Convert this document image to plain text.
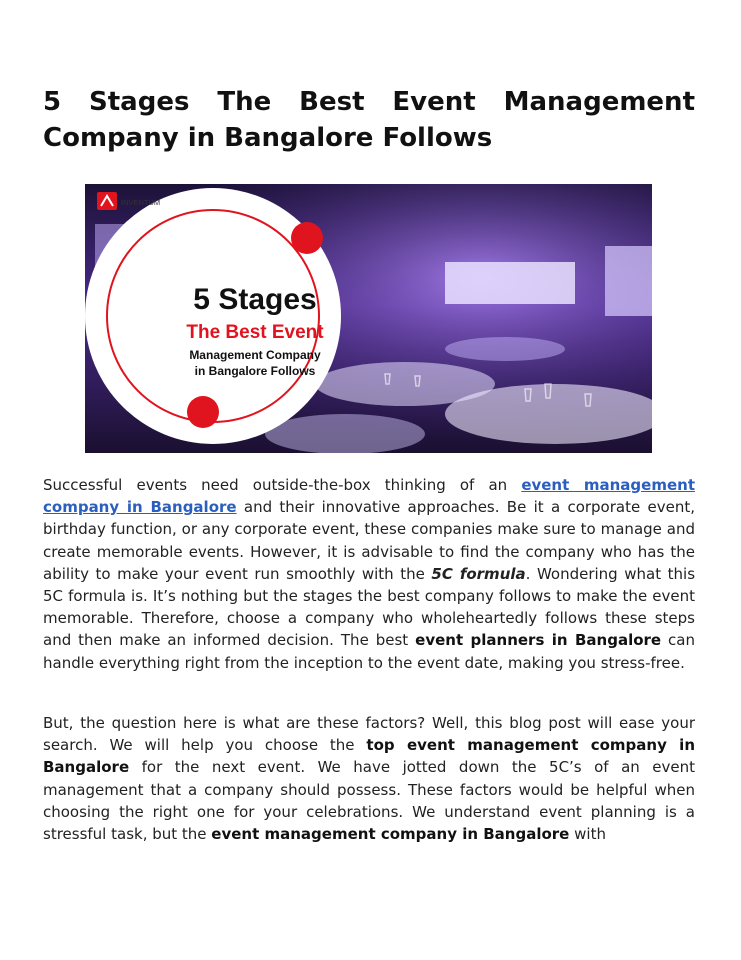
5 Stages The Best Event Management
Company in Bangalore Follows
INVENTUM
5 Stages
The Best Event
Management Company
in Bangalore Follows

Successful events need outside-the-box thinking of an event management company in Bangalore and their innovative approaches. Be it a corporate event, birthday function, or any corporate event, these companies make sure to manage and create memorable events. However, it is advisable to find the company who has the ability to make your event run smoothly with the 5C formula. Wondering what this 5C formula is. It’s nothing but the stages the best company follows to make the event memorable. Therefore, choose a company who wholeheartedly follows these steps and then make an informed decision. The best event planners in Bangalore can handle everything right from the inception to the event date, making you stress-free.

But, the question here is what are these factors? Well, this blog post will ease your search. We will help you choose the top event management company in Bangalore for the next event. We have jotted down the 5C’s of an event management that a company should possess. These factors would be helpful when choosing the right one for your celebrations. We understand event planning is a stressful task, but the event management company in Bangalore with
